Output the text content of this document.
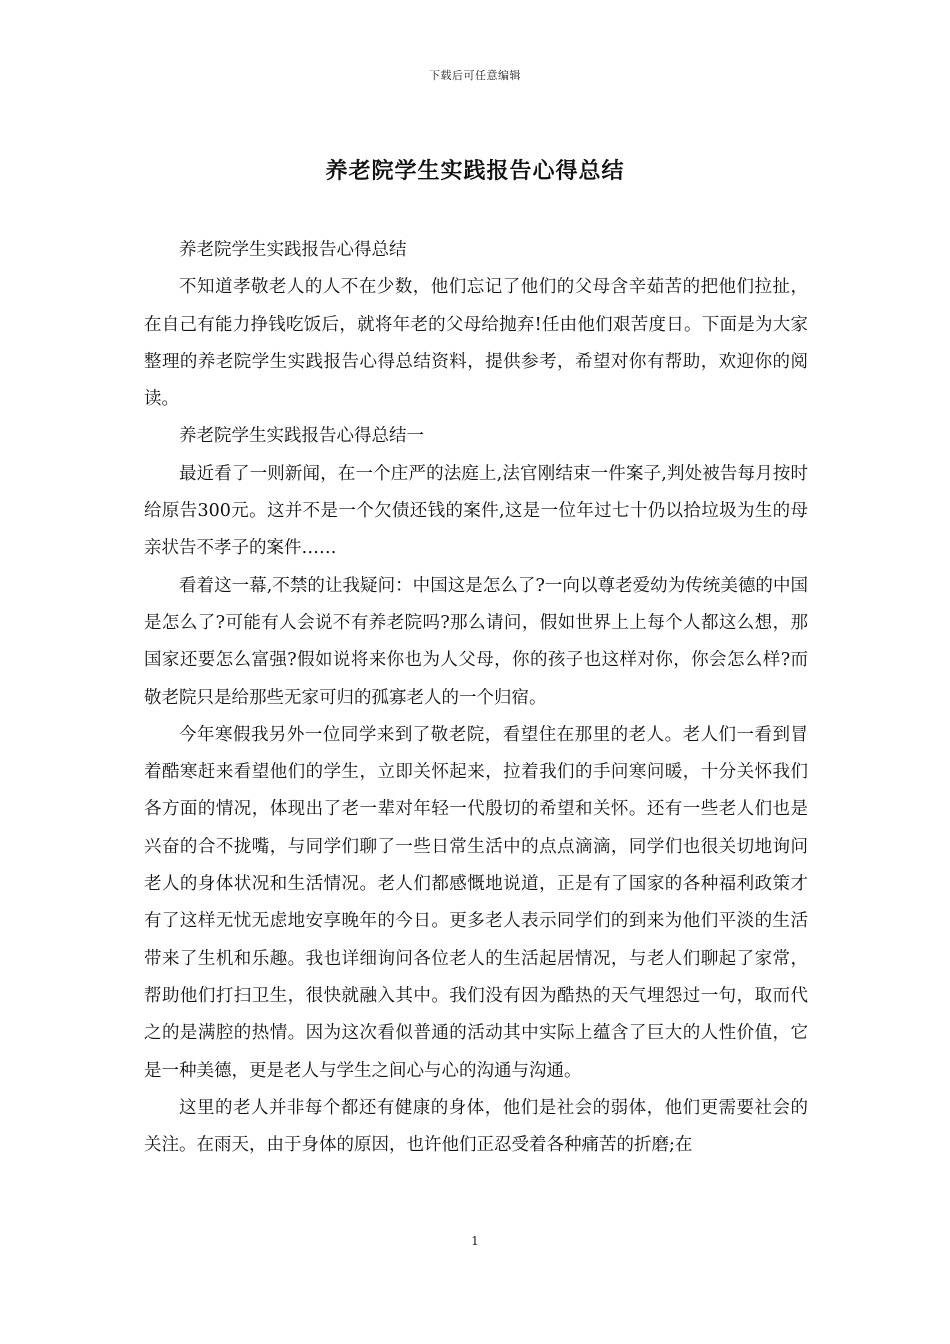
下载后可任意编辑
养老院学生实践报告心得总结

养老院学生实践报告心得总结

不知道孝敬老人的人不在少数，他们忘记了他们的父母含辛茹苦的把他们拉扯，在自己有能力挣钱吃饭后，就将年老的父母给抛弃!任由他们艰苦度日。下面是为大家整理的养老院学生实践报告心得总结资料，提供参考，希望对你有帮助，欢迎你的阅读。

养老院学生实践报告心得总结一

最近看了一则新闻，在一个庄严的法庭上,法官刚结束一件案子,判处被告每月按时给原告300元。这并不是一个欠债还钱的案件,这是一位年过七十仍以拾垃圾为生的母亲状告不孝子的案件……

看着这一幕,不禁的让我疑问：中国这是怎么了?一向以尊老爱幼为传统美德的中国是怎么了?可能有人会说不有养老院吗?那么请问，假如世界上上每个人都这么想，那国家还要怎么富强?假如说将来你也为人父母，你的孩子也这样对你，你会怎么样?而敬老院只是给那些无家可归的孤寡老人的一个归宿。

今年寒假我另外一位同学来到了敬老院，看望住在那里的老人。老人们一看到冒着酷寒赶来看望他们的学生，立即关怀起来，拉着我们的手问寒问暖，十分关怀我们各方面的情况，体现出了老一辈对年轻一代殷切的希望和关怀。还有一些老人们也是兴奋的合不拢嘴，与同学们聊了一些日常生活中的点点滴滴，同学们也很关切地询问老人的身体状况和生活情况。老人们都感慨地说道，正是有了国家的各种福利政策才有了这样无忧无虑地安享晚年的今日。更多老人表示同学们的到来为他们平淡的生活带来了生机和乐趣。我也详细询问各位老人的生活起居情况，与老人们聊起了家常，帮助他们打扫卫生，很快就融入其中。我们没有因为酷热的天气埋怨过一句，取而代之的是满腔的热情。因为这次看似普通的活动其中实际上蕴含了巨大的人性价值，它是一种美德，更是老人与学生之间心与心的沟通与沟通。

这里的老人并非每个都还有健康的身体，他们是社会的弱体，他们更需要社会的关注。在雨天，由于身体的原因，也许他们正忍受着各种痛苦的折磨;在

1
